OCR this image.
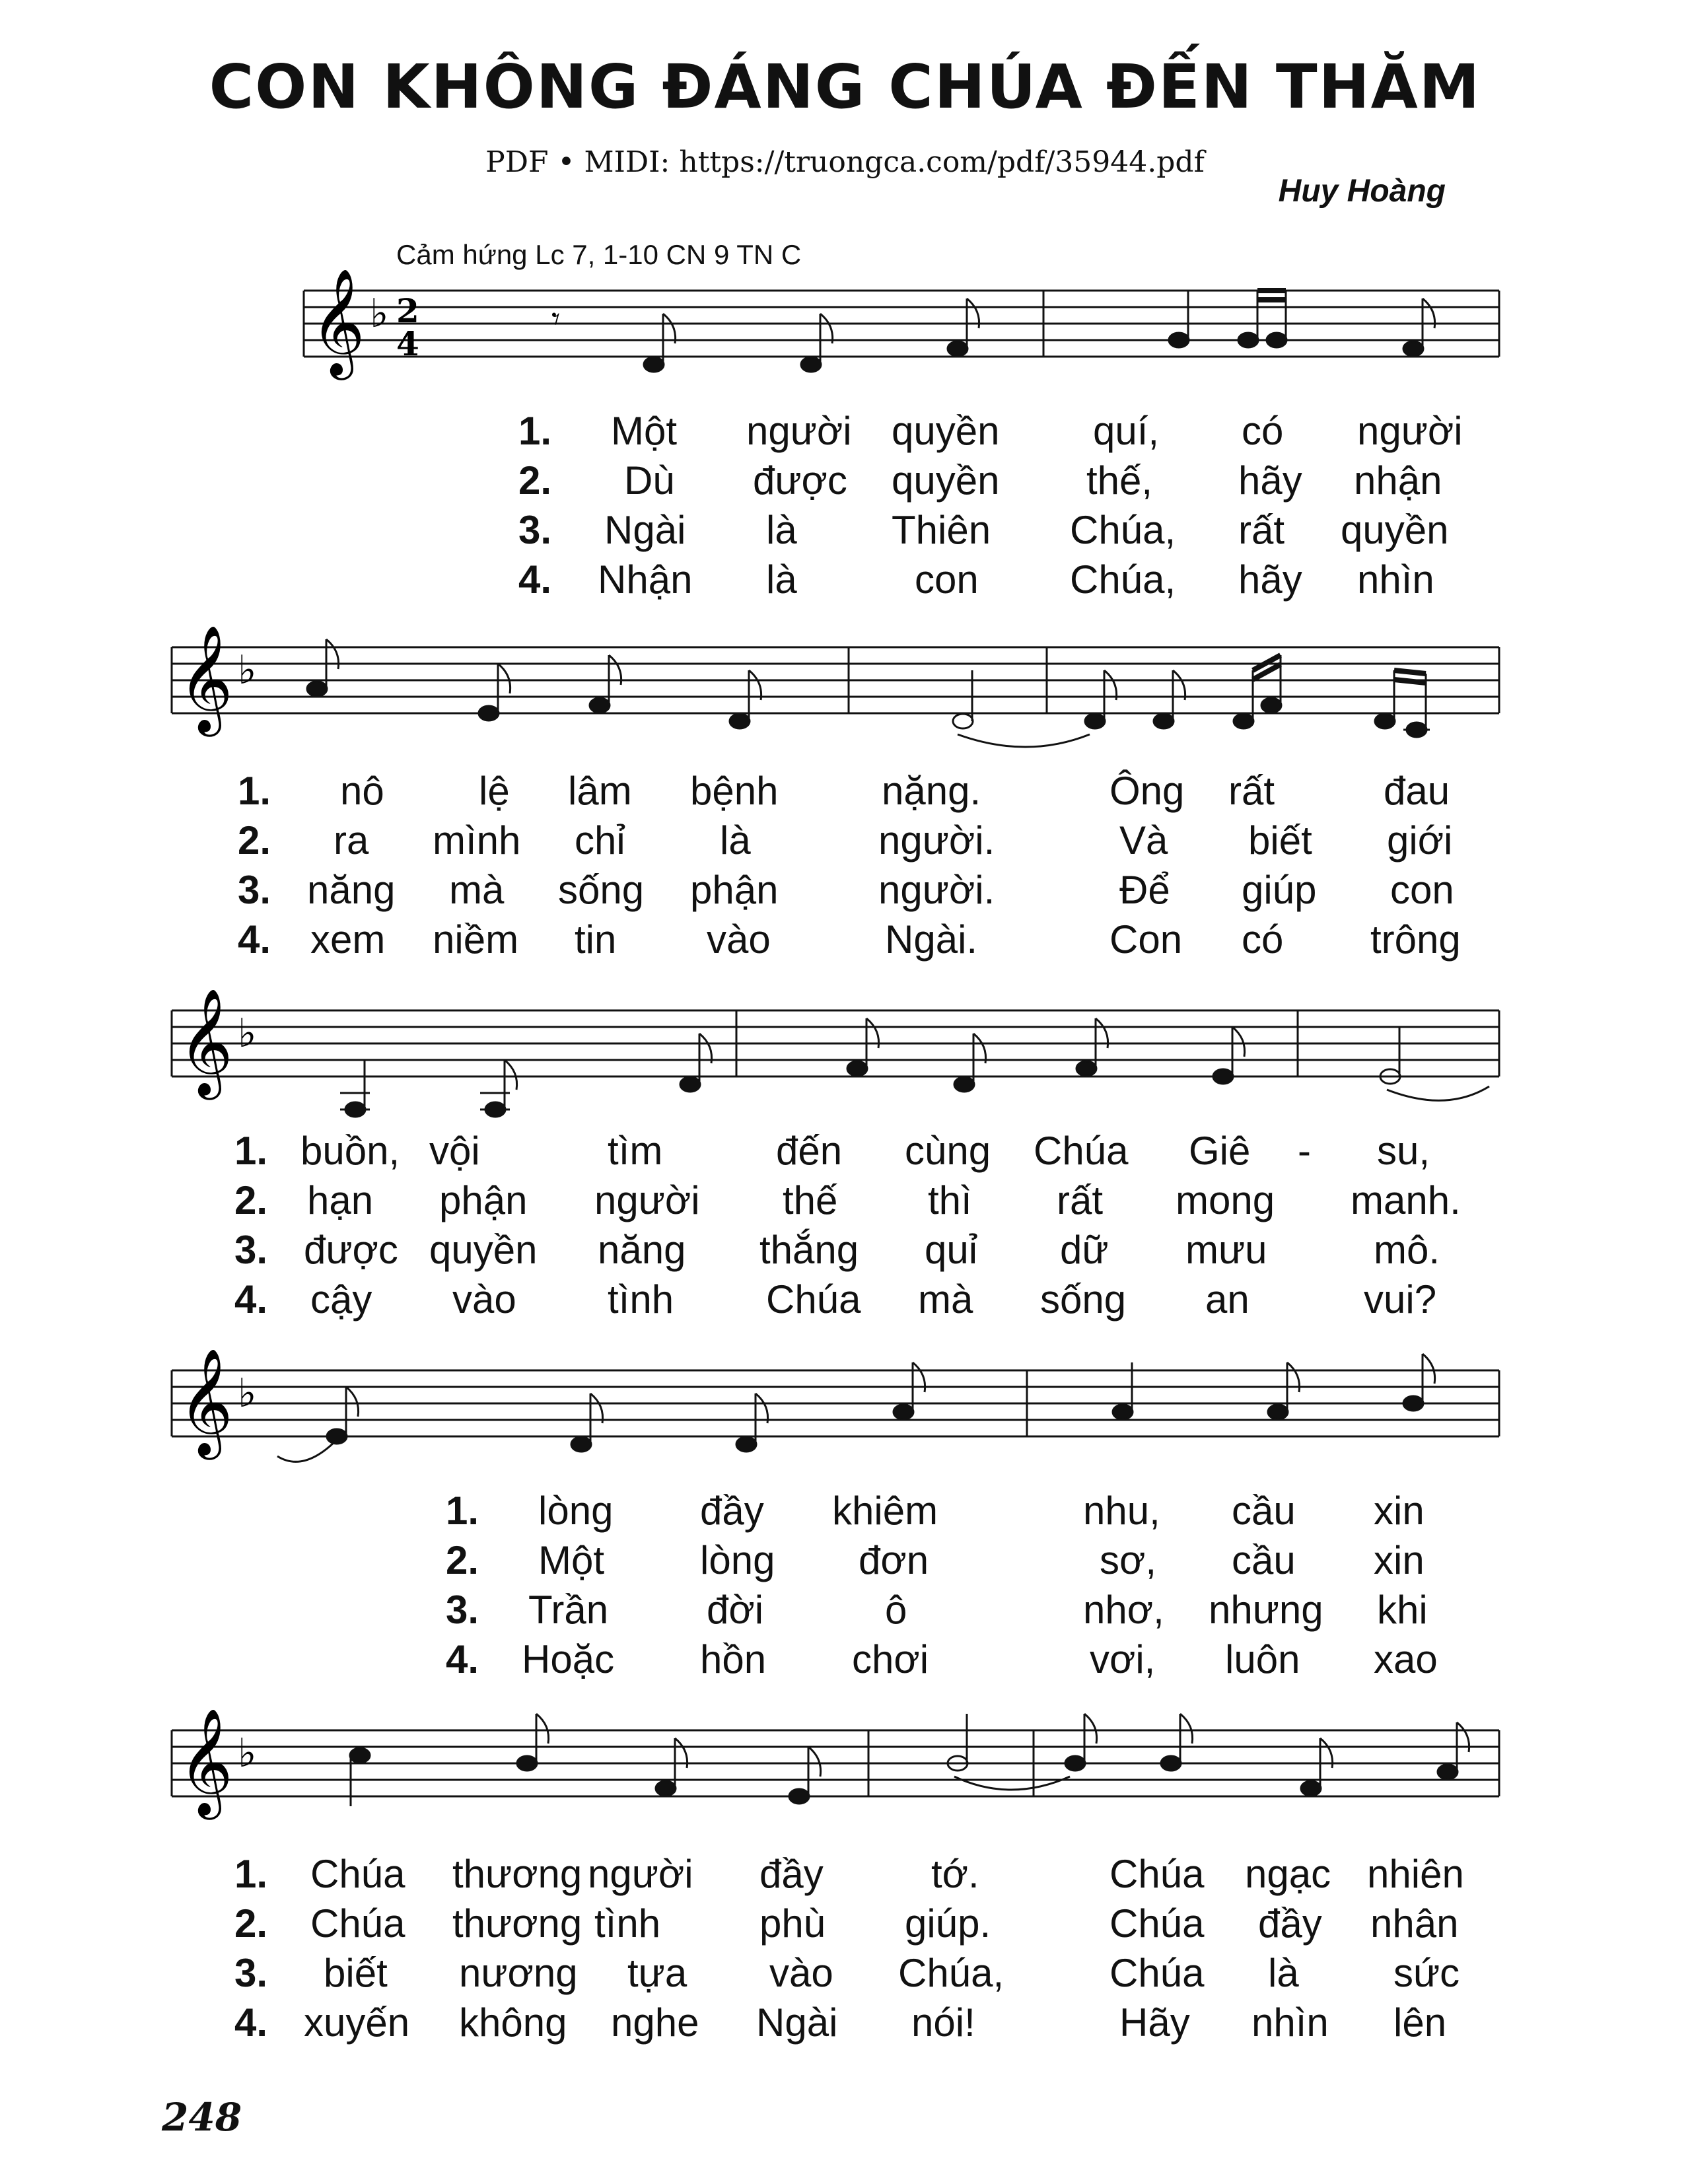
CON KHÔNG ĐÁNG CHÚA ĐẾN THĂM
PDF • MIDI: https://truongca.com/pdf/35944.pdf
Huy Hoàng
Cảm hứng Lc 7, 1-10 CN 9 TN C
𝄞 ♭ 2
4
𝄾
1. Một người quyền quí, có người
2. Dù được quyền thế, hãy nhận
3. Ngài là Thiên Chúa, rất quyền
4. Nhận là	con Chúa, hãy nhìn
𝄞 ♭
1. nô lệ lâm bệnh	nặng.	Ông rất	đau
2. ra mình chỉ là	người.	Và biết giới
3. năng mà sống phận	người.	Để giúp con
4. xem niềm tin vào	Ngài.	Con có trông
𝄞 ♭
1. buồn, vội	tìm	đến cùng Chúa Giê - su,
2. hạn phận người thế thì rất mong manh.
3. được quyền năng thắng quỉ dữ mưu	mô.
4. cậy vào tình Chúa mà sống an	vui?
𝄞 ♭
1. lòng đầy khiêm	nhu, cầu xin
2. Một lòng đơn	sơ, cầu xin
3. Trần đời	ô	nhơ, nhưng khi
4. Hoặc hồn chơi	vơi, luôn xao
𝄞 ♭
1. Chúa thương người đầy	tớ.	Chúa ngạc nhiên
2. Chúa thương tình phù giúp.	Chúa đầy nhân
3. biết nương tựa vào Chúa,	Chúa là sức
4. xuyến không nghe Ngài nói!	Hãy nhìn lên
248
